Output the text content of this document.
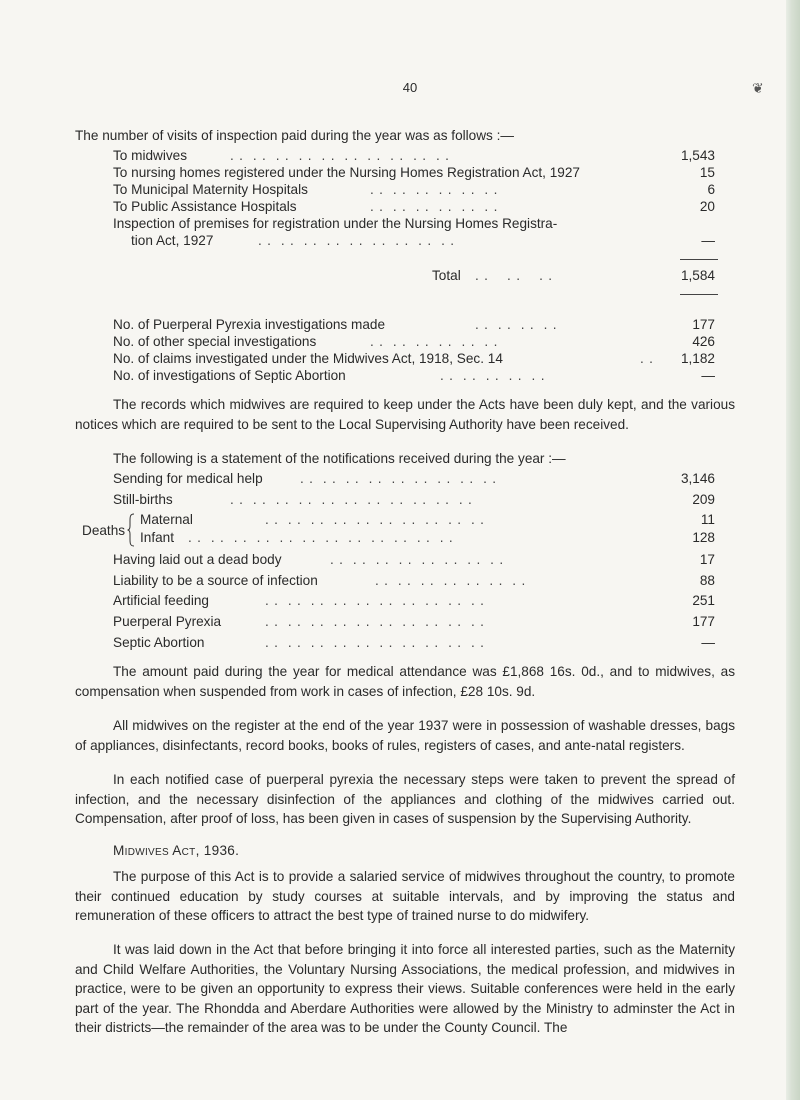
40	❦
The number of visits of inspection paid during the year was as follows :—
To midwives	. .  . .  . .  . .  . .  . .  . .  . .  . .  . .	1,543
To nursing homes registered under the Nursing Homes Registration Act, 1927	15
To Municipal Maternity Hospitals	. .  . .  . .  . .  . .  . .	6
To Public Assistance Hospitals	. .  . .  . .  . .  . .  . .	20
Inspection of premises for registration under the Nursing Homes Registra-
tion Act, 1927	. .  . .  . .  . .  . .  . .  . .  . .  . .	—
Total . .    . .    . .	1,584
No. of Puerperal Pyrexia investigations made	. .  . .  . .  . .	177
No. of other special investigations	. .  . .  . .  . .  . .  . .	426
No. of claims investigated under the Midwives Act, 1918, Sec. 14	. . 1,182
No. of investigations of Septic Abortion	. .  . .  . .  . .  . .	—
The records which midwives are required to keep under the Acts have been duly kept, and the various notices which are required to be sent to the Local Supervising Authority have been received.
The following is a statement of the notifications received during the year :—
Sending for medical help	. .  . .  . .  . .  . .  . .  . .  . .  . .	3,146
Still-births	. .  . .  . .  . .  . .  . .  . .  . .  . .  . .  . .	209
Deaths
Maternal	. .  . .  . .  . .  . .  . .  . .  . .  . .  . .	11
Infant . .  . .  . .  . .  . .  . .  . .  . .  . .  . .  . .  . .	128
Having laid out a dead body	. .  . .  . .  . .  . .  . .  . .  . .	17
Liability to be a source of infection	. .  . .  . .  . .  . .  . .  . .	88
Artificial feeding	. .  . .  . .  . .  . .  . .  . .  . .  . .  . .	251
Puerperal Pyrexia	. .  . .  . .  . .  . .  . .  . .  . .  . .  . .	177
Septic Abortion	. .  . .  . .  . .  . .  . .  . .  . .  . .  . .	—
The amount paid during the year for medical attendance was £1,868 16s. 0d., and to midwives, as compensation when suspended from work in cases of infection, £28 10s. 9d.
All midwives on the register at the end of the year 1937 were in possession of washable dresses, bags of appliances, disinfectants, record books, books of rules, registers of cases, and ante-natal registers.
In each notified case of puerperal pyrexia the necessary steps were taken to prevent the spread of infection, and the necessary disinfection of the appliances and clothing of the midwives carried out. Compensation, after proof of loss, has been given in cases of suspension by the Supervising Authority.
Midwives Act, 1936.
The purpose of this Act is to provide a salaried service of midwives throughout the country, to promote their continued education by study courses at suitable intervals, and by improving the status and remuneration of these officers to attract the best type of trained nurse to do midwifery.
It was laid down in the Act that before bringing it into force all interested parties, such as the Maternity and Child Welfare Authorities, the Voluntary Nursing Associations, the medical profession, and midwives in practice, were to be given an opportunity to express their views. Suitable conferences were held in the early part of the year. The Rhondda and Aberdare Authorities were allowed by the Ministry to adminster the Act in their districts—the remainder of the area was to be under the County Council. The
